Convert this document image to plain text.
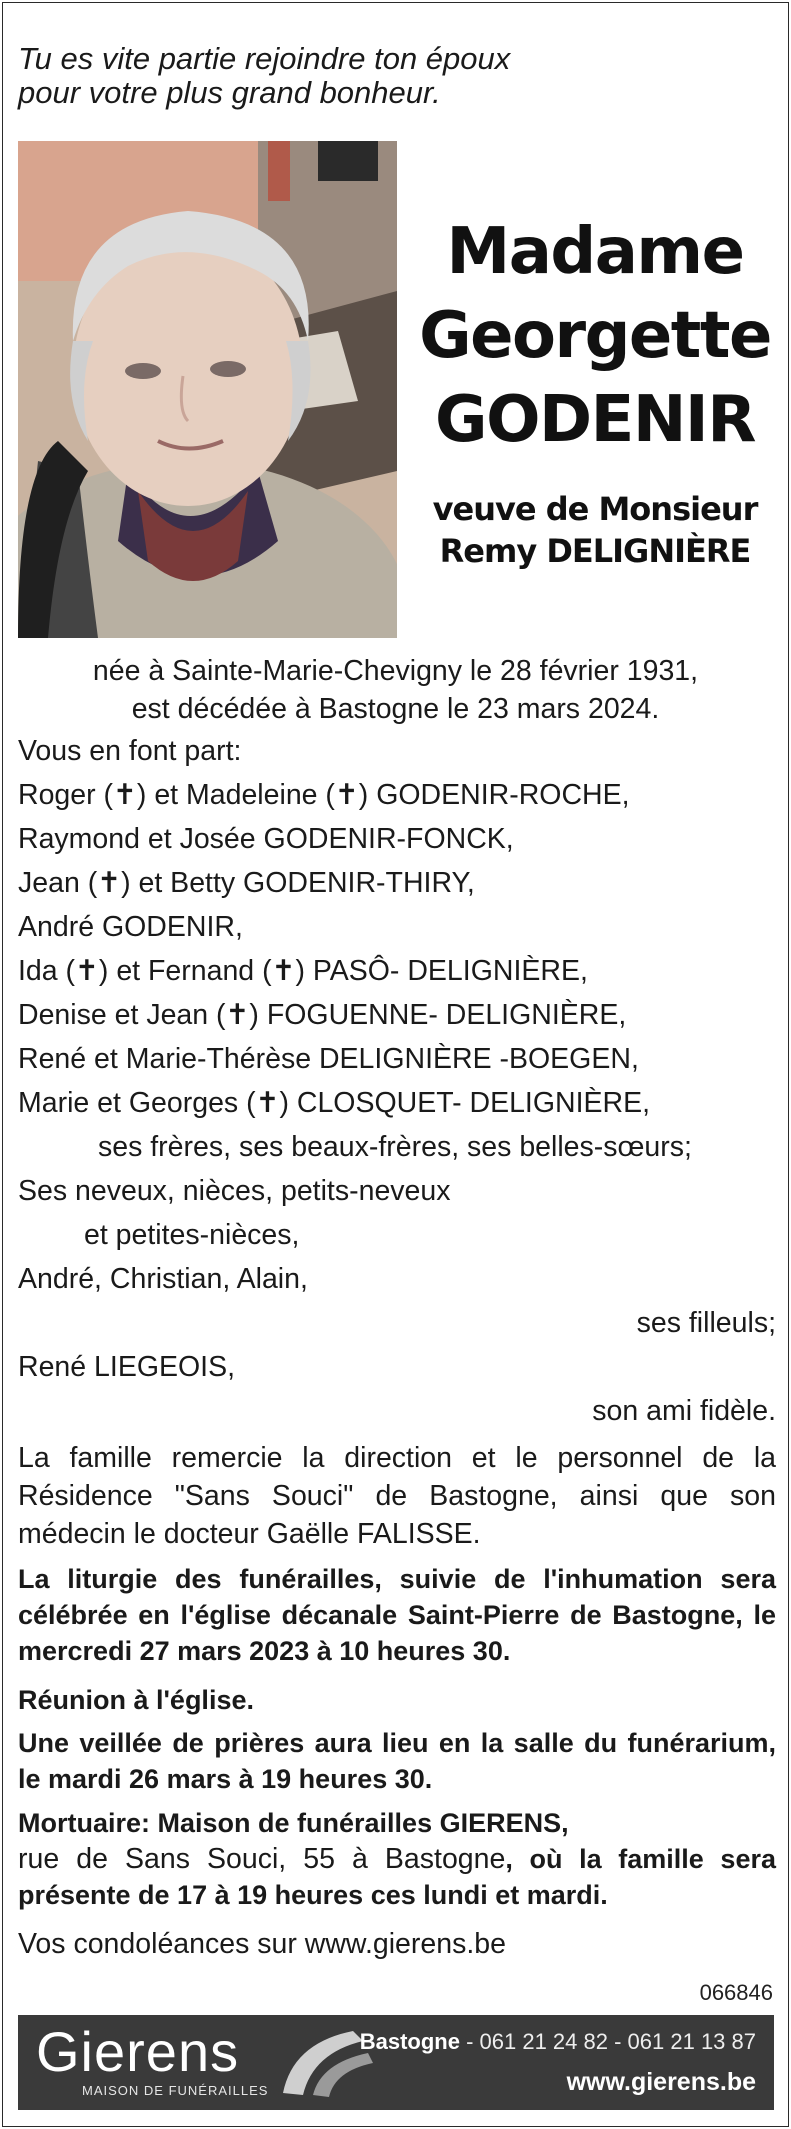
Tu es vite partie rejoindre ton époux
pour votre plus grand bonheur.
Madame
Georgette
GODENIR
veuve de Monsieur
Remy DELIGNIÈRE
née à Sainte-Marie-Chevigny le 28 février 1931,
est décédée à Bastogne le 23 mars 2024.
Vous en font part:
Roger (✝) et Madeleine (✝) GODENIR-ROCHE,
Raymond et Josée GODENIR-FONCK,
Jean (✝) et Betty GODENIR-THIRY,
André GODENIR,
Ida (✝) et Fernand (✝) PASÔ- DELIGNIÈRE,
Denise et Jean (✝) FOGUENNE- DELIGNIÈRE,
René et Marie-Thérèse DELIGNIÈRE -BOEGEN,
Marie et Georges (✝) CLOSQUET- DELIGNIÈRE,
ses frères, ses beaux-frères, ses belles-sœurs;
Ses neveux, nièces, petits-neveux
et petites-nièces,
André, Christian, Alain,
ses filleuls;
René LIEGEOIS,
son ami fidèle.
La famille remercie la direction et le personnel de la Résidence "Sans Souci" de Bastogne, ainsi que son médecin le docteur Gaëlle FALISSE.
La liturgie des funérailles, suivie de l'inhumation sera célébrée en l'église décanale Saint-Pierre de Bastogne, le mercredi 27 mars 2023 à 10 heures 30.
Réunion à l'église.
Une veillée de prières aura lieu en la salle du funérarium, le mardi 26 mars à 19 heures 30.
Mortuaire: Maison de funérailles GIERENS,
rue de Sans Souci, 55 à Bastogne, où la famille sera présente de 17 à 19 heures ces lundi et mardi.
Vos condoléances sur www.gierens.be
066846
Gierens
MAISON DE FUNÉRAILLES
Bastogne - 061 21 24 82 - 061 21 13 87
www.gierens.be
